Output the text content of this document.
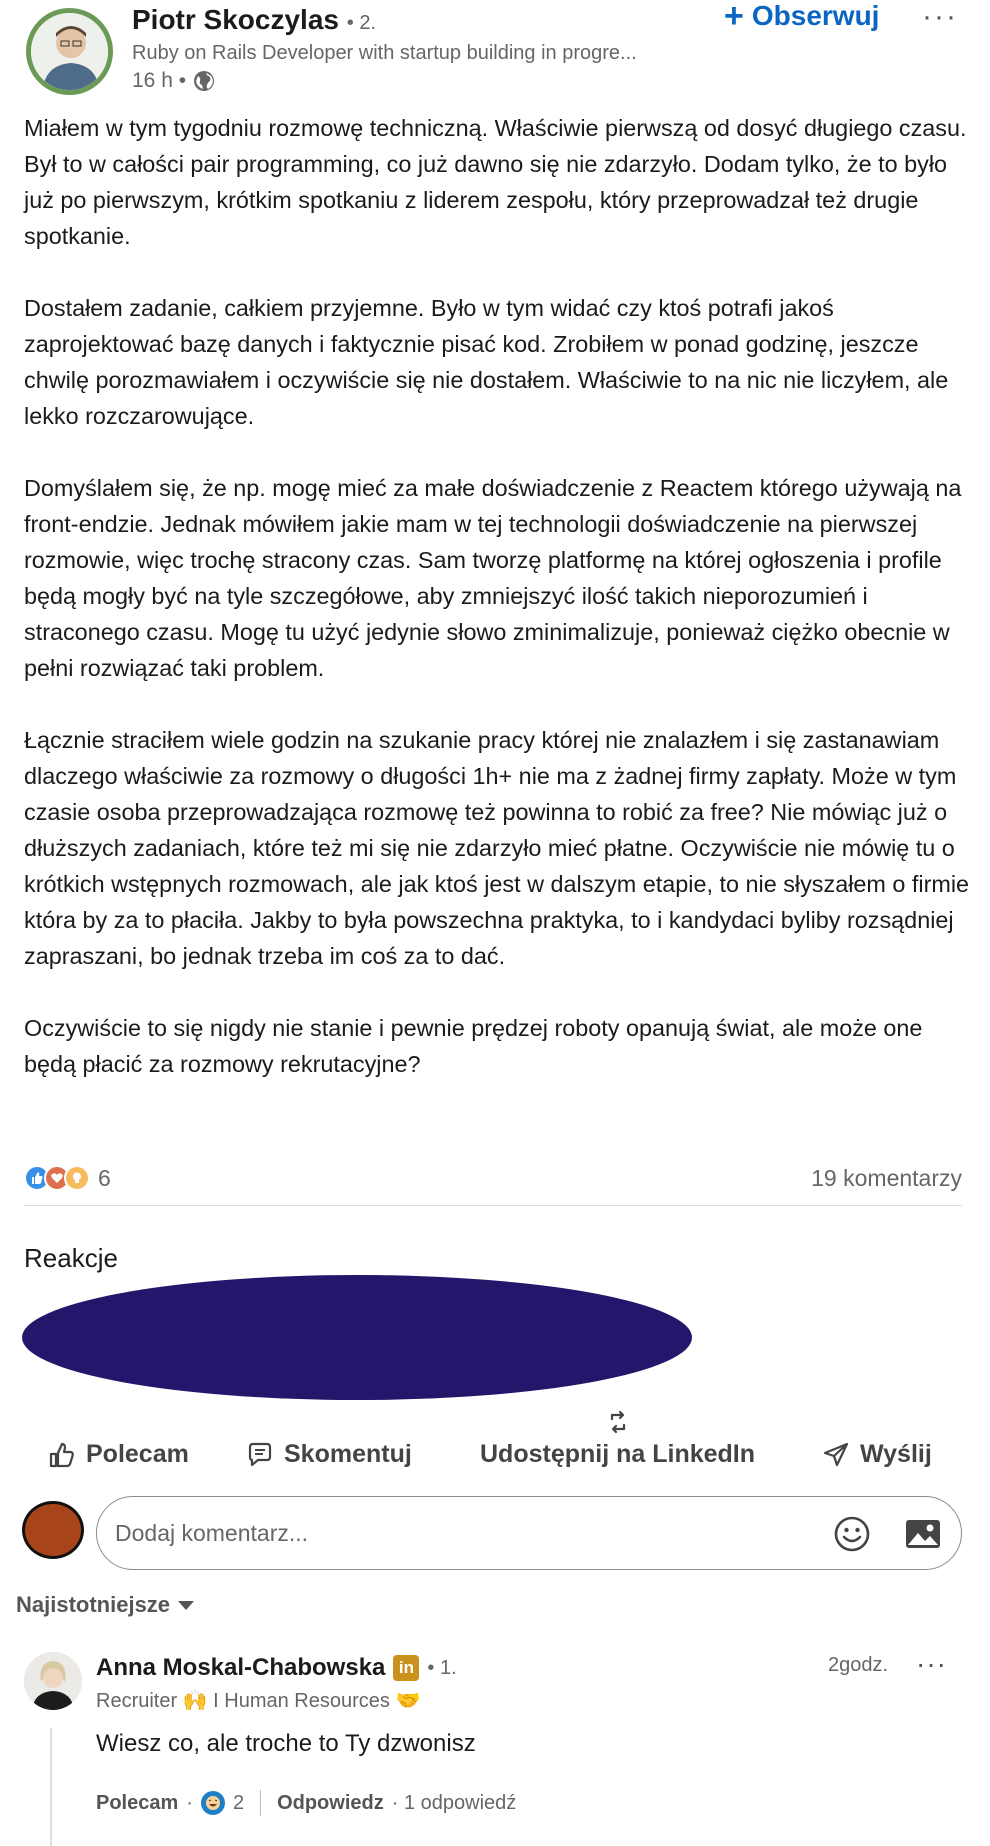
Piotr Skoczylas • 2.
Ruby on Rails Developer with startup building in progre...
16 h •
+ Obserwuj ···

Miałem w tym tygodniu rozmowę techniczną. Właściwie pierwszą od dosyć długiego czasu. Był to w całości pair programming, co już dawno się nie zdarzyło. Dodam tylko, że to było już po pierwszym, krótkim spotkaniu z liderem zespołu, który przeprowadzał też drugie spotkanie.

Dostałem zadanie, całkiem przyjemne. Było w tym widać czy ktoś potrafi jakoś zaprojektować bazę danych i faktycznie pisać kod. Zrobiłem w ponad godzinę, jeszcze chwilę porozmawiałem i oczywiście się nie dostałem. Właściwie to na nic nie liczyłem, ale lekko rozczarowujące.

Domyślałem się, że np. mogę mieć za małe doświadczenie z Reactem którego używają na front-endzie. Jednak mówiłem jakie mam w tej technologii doświadczenie na pierwszej rozmowie, więc trochę stracony czas. Sam tworzę platformę na której ogłoszenia i profile będą mogły być na tyle szczegółowe, aby zmniejszyć ilość takich nieporozumień i straconego czasu. Mogę tu użyć jedynie słowo zminimalizuje, ponieważ ciężko obecnie w pełni rozwiązać taki problem.

Łącznie straciłem wiele godzin na szukanie pracy której nie znalazłem i się zastanawiam dlaczego właściwie za rozmowy o długości 1h+ nie ma z żadnej firmy zapłaty. Może w tym czasie osoba przeprowadzająca rozmowę też powinna to robić za free? Nie mówiąc już o dłuższych zadaniach, które też mi się nie zdarzyło mieć płatne. Oczywiście nie mówię tu o krótkich wstępnych rozmowach, ale jak ktoś jest w dalszym etapie, to nie słyszałem o firmie która by za to płaciła. Jakby to była powszechna praktyka, to i kandydaci byliby rozsądniej zapraszani, bo jednak trzeba im coś za to dać.

Oczywiście to się nigdy nie stanie i pewnie prędzej roboty opanują świat, ale może one będą płacić za rozmowy rekrutacyjne?

6	19 komentarzy
Reakcje
Polecam	Skomentuj	Udostępnij na LinkedIn	Wyślij
Dodaj komentarz...
Najistotniejsze
Anna Moskal-Chabowska in • 1.
Recruiter 🙌 I Human Resources 🤝
2godz. ···
Wiesz co, ale troche to Ty dzwonisz
Polecam · 2 Odpowiedz · 1 odpowiedź
